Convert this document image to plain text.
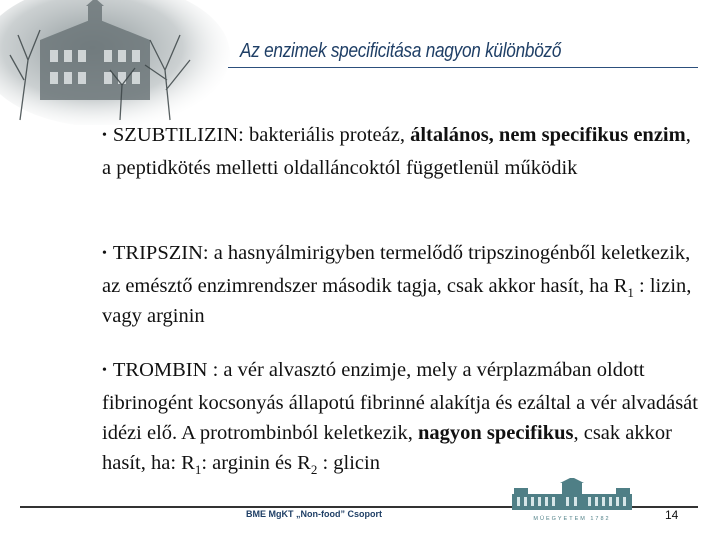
Az enzimek specificitása nagyon különböző
• SZUBTILIZIN: bakteriális proteáz, általános, nem specifikus enzim, a peptidkötés melletti oldalláncoktól függetlenül működik
• TRIPSZIN: a hasnyálmirigyben termelődő tripszinogénből keletkezik, az emésztő enzimrendszer második tagja, csak akkor hasít, ha $R_1$ : lizin, vagy arginin
• TROMBIN : a vér alvasztó enzimje, mely a vérplazmában oldott fibrinogént kocsonyás állapotú fibrinné alakítja és ezáltal a vér alvadását idézi elő. A protrombinból keletkezik, nagyon specifikus, csak akkor hasít, ha: $R_1$: arginin és $R_2$ : glicin
BME MgKT „Non-food” Csoport	MŰEGYETEM 1782	14
